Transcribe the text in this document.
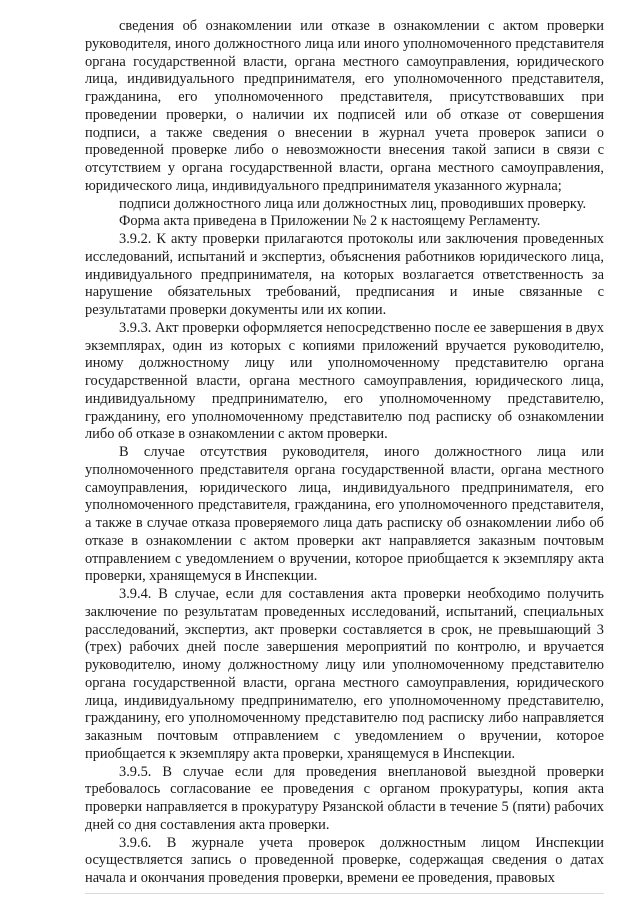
сведения об ознакомлении или отказе в ознакомлении с актом проверки руководителя, иного должностного лица или иного уполномоченного представителя органа государственной власти, органа местного самоуправления, юридического лица, индивидуального предпринимателя, его уполномоченного представителя, гражданина, его уполномоченного представителя, присутствовавших при проведении проверки, о наличии их подписей или об отказе от совершения подписи, а также сведения о внесении в журнал учета проверок записи о проведенной проверке либо о невозможности внесения такой записи в связи с отсутствием у органа государственной власти, органа местного самоуправления, юридического лица, индивидуального предпринимателя указанного журнала;

подписи должностного лица или должностных лиц, проводивших проверку.

Форма акта приведена в Приложении № 2 к настоящему Регламенту.

3.9.2. К акту проверки прилагаются протоколы или заключения проведенных исследований, испытаний и экспертиз, объяснения работников юридического лица, индивидуального предпринимателя, на которых возлагается ответственность за нарушение обязательных требований, предписания и иные связанные с результатами проверки документы или их копии.

3.9.3. Акт проверки оформляется непосредственно после ее завершения в двух экземплярах, один из которых с копиями приложений вручается руководителю, иному должностному лицу или уполномоченному представителю органа государственной власти, органа местного самоуправления, юридического лица, индивидуальному предпринимателю, его уполномоченному представителю, гражданину, его уполномоченному представителю под расписку об ознакомлении либо об отказе в ознакомлении с актом проверки.

В случае отсутствия руководителя, иного должностного лица или уполномоченного представителя органа государственной власти, органа местного самоуправления, юридического лица, индивидуального предпринимателя, его уполномоченного представителя, гражданина, его уполномоченного представителя, а также в случае отказа проверяемого лица дать расписку об ознакомлении либо об отказе в ознакомлении с актом проверки акт направляется заказным почтовым отправлением с уведомлением о вручении, которое приобщается к экземпляру акта проверки, хранящемуся в Инспекции.

3.9.4. В случае, если для составления акта проверки необходимо получить заключение по результатам проведенных исследований, испытаний, специальных расследований, экспертиз, акт проверки составляется в срок, не превышающий 3 (трех) рабочих дней после завершения мероприятий по контролю, и вручается руководителю, иному должностному лицу или уполномоченному представителю органа государственной власти, органа местного самоуправления, юридического лица, индивидуальному предпринимателю, его уполномоченному представителю, гражданину, его уполномоченному представителю под расписку либо направляется заказным почтовым отправлением с уведомлением о вручении, которое приобщается к экземпляру акта проверки, хранящемуся в Инспекции.

3.9.5. В случае если для проведения внеплановой выездной проверки требовалось согласование ее проведения с органом прокуратуры, копия акта проверки направляется в прокуратуру Рязанской области в течение 5 (пяти) рабочих дней со дня составления акта проверки.

3.9.6. В журнале учета проверок должностным лицом Инспекции осуществляется запись о проведенной проверке, содержащая сведения о датах начала и окончания проведения проверки, времени ее проведения, правовых
